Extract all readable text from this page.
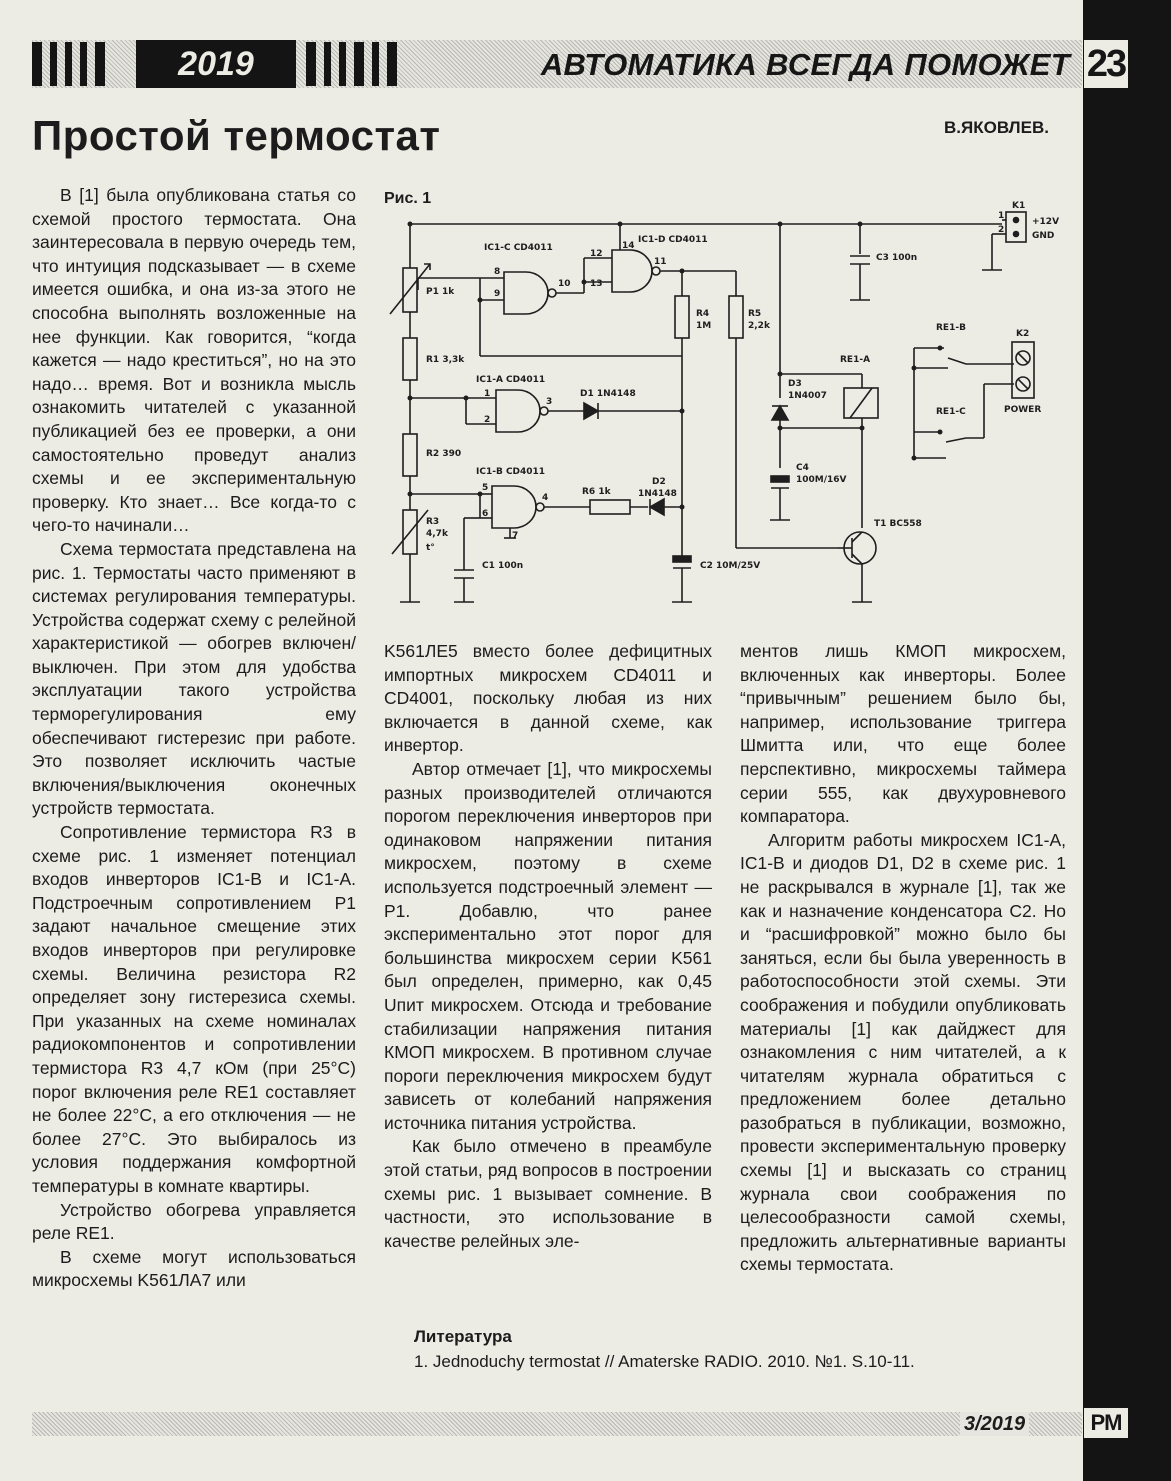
23
PM
2019	АВТОМАТИКА ВСЕГДА ПОМОЖЕТ
Простой термостат	В.ЯКОВЛЕВ.

В [1] была опубликована статья со схемой простого термостата. Она заинтересовала в первую очередь тем, что интуиция подсказывает — в схеме имеется ошибка, и она из-за этого не способна выполнять возложенные на нее функции. Как говорится, “когда кажется — надо креститься”, но на это надо… время. Вот и возникла мысль ознакомить читателей с указанной публикацией без ее проверки, а они самостоятельно проведут анализ схемы и ее экспериментальную проверку. Кто знает… Все когда-то с чего-то начинали…

Схема термостата представлена на рис. 1. Термостаты часто применяют в системах регулирования температуры. Устройства содержат схему с релейной характеристикой — обогрев включен/выключен. При этом для удобства эксплуатации такого устройства терморегулирования ему обеспечивают гистерезис при работе. Это позволяет исключить частые включения/выключения оконечных устройств термостата.

Сопротивление термистора R3 в схеме рис. 1 изменяет потенциал входов инверторов IC1-B и IC1-A. Подстроечным сопротивлением P1 задают начальное смещение этих входов инверторов при регулировке схемы. Величина резистора R2 определяет зону гистерезиса схемы. При указанных на схеме номиналах радиокомпонентов и сопротивлении термистора R3 4,7 кОм (при 25°С) порог включения реле RE1 составляет не более 22°С, а его отключения — не более 27°С. Это выбиралось из условия поддержания комфортной температуры в комнате квартиры.

Устройство обогрева управляется реле RE1.

В схеме могут использоваться микросхемы K561ЛА7 или

K561ЛЕ5 вместо более дефицитных импортных микросхем CD4011 и CD4001, поскольку любая из них включается в данной схеме, как инвертор.

Автор отмечает [1], что микросхемы разных производителей отличаются порогом переключения инверторов при одинаковом напряжении питания микросхем, поэтому в схеме используется подстроечный элемент — P1. Добавлю, что ранее экспериментально этот порог для большинства микросхем серии K561 был определен, примерно, как 0,45 Uпит микросхем. Отсюда и требование стабилизации напряжения питания КМОП микросхем. В противном случае пороги переключения микросхем будут зависеть от колебаний напряжения источника питания устройства.

Как было отмечено в преамбуле этой статьи, ряд вопросов в построении схемы рис. 1 вызывает сомнение. В частности, это использование в качестве релейных эле-

ментов лишь КМОП микросхем, включенных как инверторы. Более “привычным” решением было бы, например, использование триггера Шмитта или, что еще более перспективно, микросхемы таймера серии 555, как двухуровневого компаратора.

Алгоритм работы микросхем IC1-A, IC1-B и диодов D1, D2 в схеме рис. 1 не раскрывался в журнале [1], так же как и назначение конденсатора C2. Но и “расшифровкой” можно было бы заняться, если бы была уверенность в работоспособности этой схемы. Эти соображения и побудили опубликовать материалы [1] как дайджест для ознакомления с ним читателей, а к читателям журнала обратиться с предложением более детально разобраться в публикации, возможно, провести экспериментальную проверку схемы [1] и высказать со страниц журнала свои соображения по целесообразности самой схемы, предложить альтернативные варианты схемы термостата.

Рис. 1
IC1-C CD4011
IC1-D CD4011
P1 1k
R1 3,3k
IC1-A CD4011
D1 1N4148
R2 390
IC1-B CD4011
R6 1k
D2
1N4148
R3
4,7k
t°
C1 100n	C2 10M/25V
R4
1M
R5
2,2k
C3 100n
RE1-A
D3
1N4007
C4
100M/16V
T1 BC558
K1
+12V
GND
RE1-B
K2
RE1-C	POWER
8
9
10
12
13
14
11
1
2
3
5
6
4
7
1
2
Литература
1. Jednoduchy termostat // Amaterske RADIO. 2010. №1. S.10-11.
3/2019
